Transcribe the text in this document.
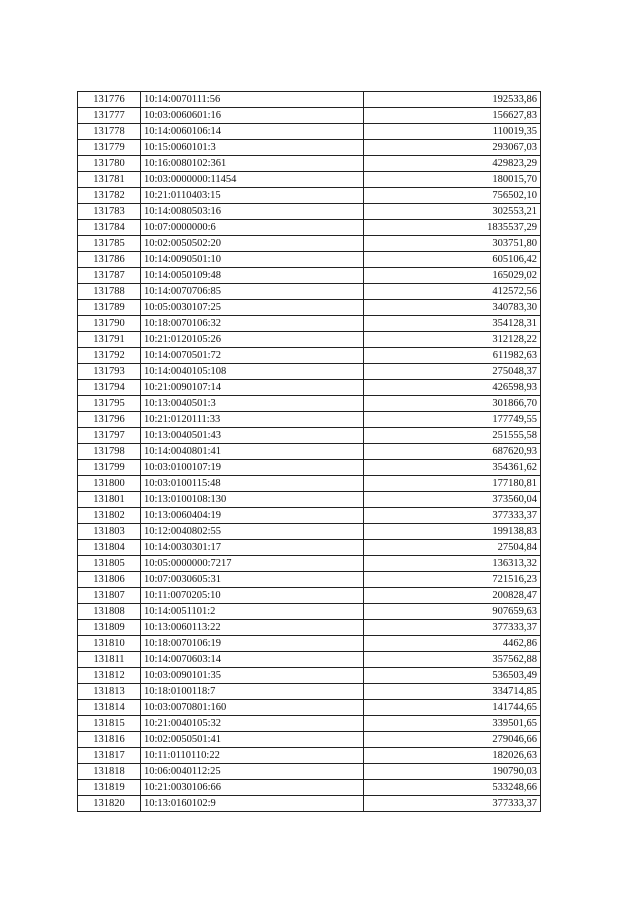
131776	10:14:0070111:56	192533,86
131777	10:03:0060601:16	156627,83
131778	10:14:0060106:14	110019,35
131779	10:15:0060101:3	293067,03
131780	10:16:0080102:361	429823,29
131781	10:03:0000000:11454	180015,70
131782	10:21:0110403:15	756502,10
131783	10:14:0080503:16	302553,21
131784	10:07:0000000:6	1835537,29
131785	10:02:0050502:20	303751,80
131786	10:14:0090501:10	605106,42
131787	10:14:0050109:48	165029,02
131788	10:14:0070706:85	412572,56
131789	10:05:0030107:25	340783,30
131790	10:18:0070106:32	354128,31
131791	10:21:0120105:26	312128,22
131792	10:14:0070501:72	611982,63
131793	10:14:0040105:108	275048,37
131794	10:21:0090107:14	426598,93
131795	10:13:0040501:3	301866,70
131796	10:21:0120111:33	177749,55
131797	10:13:0040501:43	251555,58
131798	10:14:0040801:41	687620,93
131799	10:03:0100107:19	354361,62
131800	10:03:0100115:48	177180,81
131801	10:13:0100108:130	373560,04
131802	10:13:0060404:19	377333,37
131803	10:12:0040802:55	199138,83
131804	10:14:0030301:17	27504,84
131805	10:05:0000000:7217	136313,32
131806	10:07:0030605:31	721516,23
131807	10:11:0070205:10	200828,47
131808	10:14:0051101:2	907659,63
131809	10:13:0060113:22	377333,37
131810	10:18:0070106:19	4462,86
131811	10:14:0070603:14	357562,88
131812	10:03:0090101:35	536503,49
131813	10:18:0100118:7	334714,85
131814	10:03:0070801:160	141744,65
131815	10:21:0040105:32	339501,65
131816	10:02:0050501:41	279046,66
131817	10:11:0110110:22	182026,63
131818	10:06:0040112:25	190790,03
131819	10:21:0030106:66	533248,66
131820	10:13:0160102:9	377333,37
